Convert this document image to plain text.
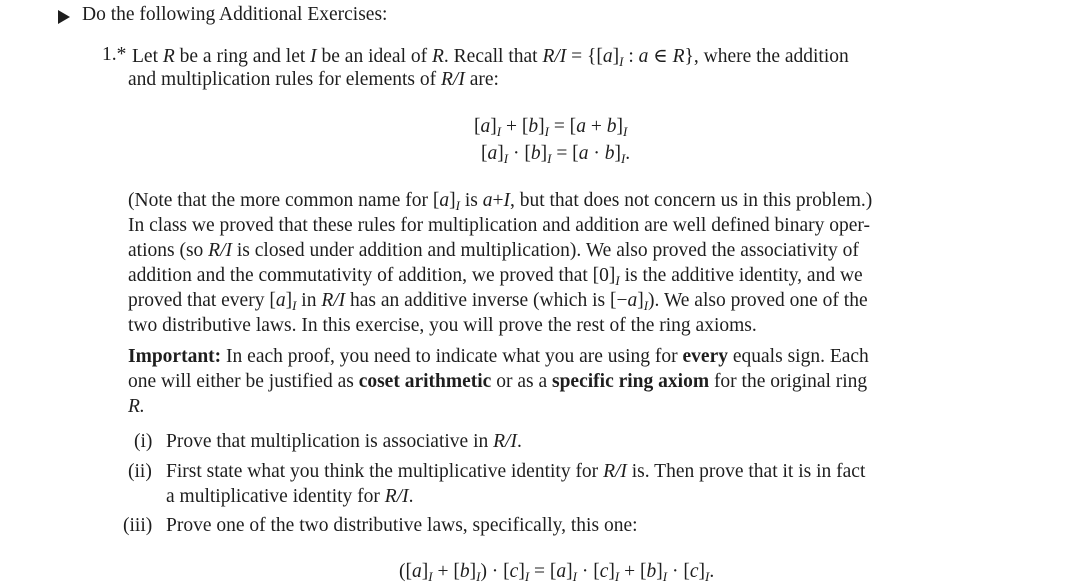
Do the following Additional Exercises:
1.* Let R be a ring and let I be an ideal of R. Recall that $R/I = \{[a]_I$ : a ∈ R}, where the addition
and multiplication rules for elements of R/I are:
$[a]_I + [b]_I = [a + b]_I$
$[a]_I \cdot [b]_I = [a \cdot b]_I$.
(Note that the more common name for $[a]_I$ is a+I, but that does not concern us in this problem.)
In class we proved that these rules for multiplication and addition are well defined binary oper-
ations (so R/I is closed under addition and multiplication). We also proved the associativity of
addition and the commutativity of addition, we proved that $[0]_I$ is the additive identity, and we
proved that every $[a]_I$ in R/I has an additive inverse (which is $[-a]_I$). We also proved one of the
two distributive laws. In this exercise, you will prove the rest of the ring axioms.
Important: In each proof, you need to indicate what you are using for every equals sign. Each
one will either be justified as coset arithmetic or as a specific ring axiom for the original ring
R.
(i) Prove that multiplication is associative in R/I.
(ii) First state what you think the multiplicative identity for R/I is. Then prove that it is in fact
a multiplicative identity for R/I.
(iii) Prove one of the two distributive laws, specifically, this one:
$([a]_I + [b]_I) \cdot [c]_I = [a]_I \cdot [c]_I + [b]_I \cdot [c]_I$.
